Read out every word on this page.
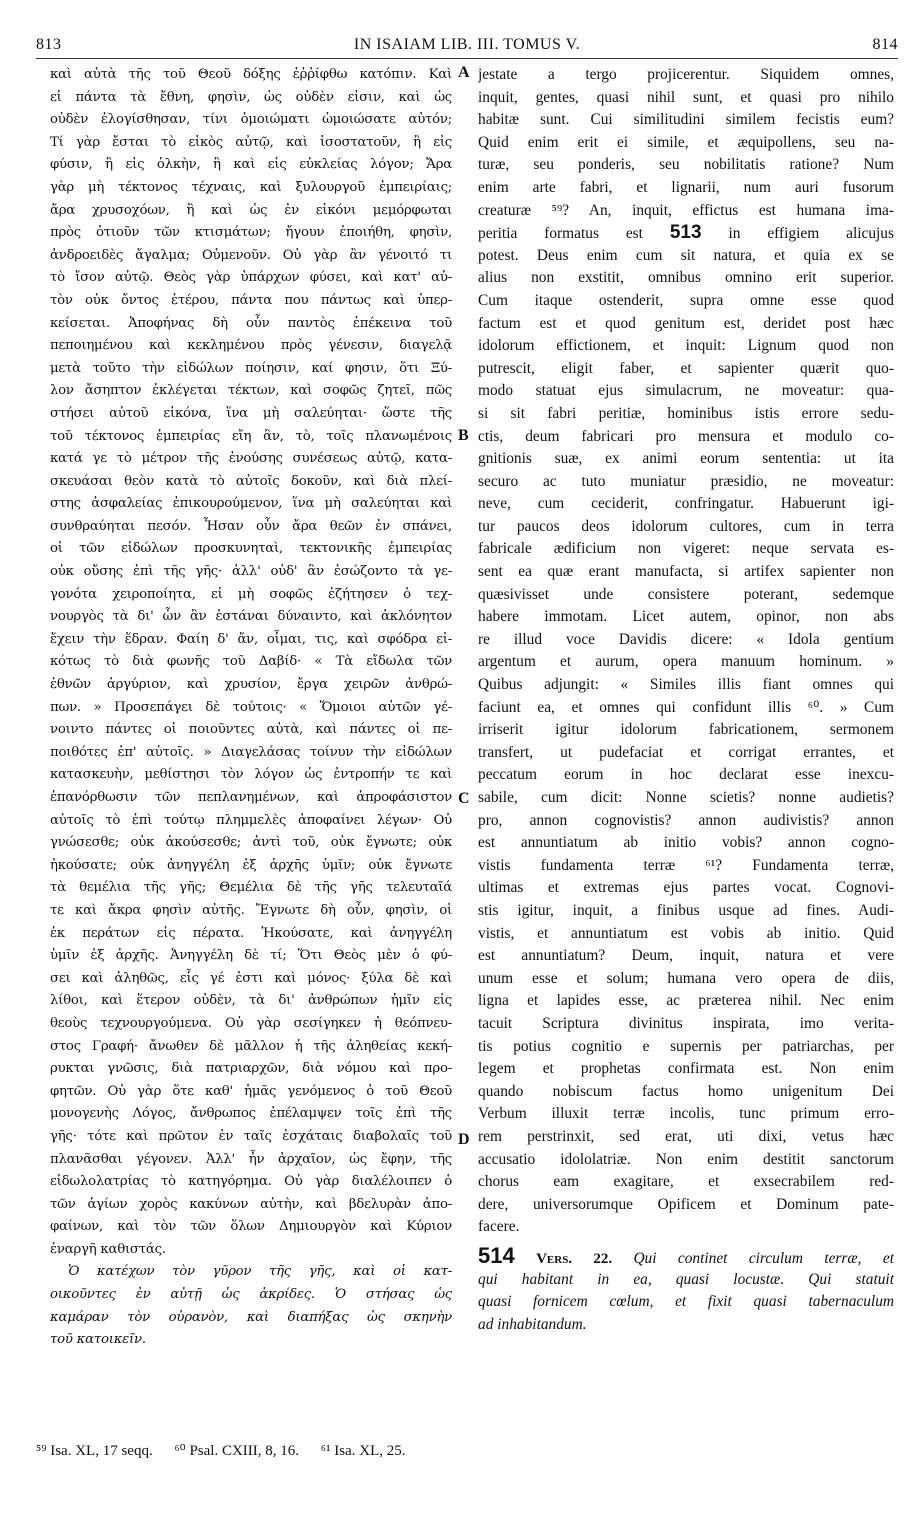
813	IN ISAIAM LIB. III. TOMUS V.	814
A
B
C
D
καὶ αὐτὰ τῆς τοῦ Θεοῦ δόξης ἐῤῥίφθω κατόπιν. Καὶ
εἰ πάντα τὰ ἔθνη, φησὶν, ὡς οὐδὲν εἰσιν, καὶ ὡς
οὐδὲν ἐλογίσθησαν, τίνι ὁμοιώματι ὡμοιώσατε αὐτόν;
Τί γὰρ ἔσται τὸ εἰκὸς αὐτῷ, καὶ ἰσοστατοῦν, ἢ εἰς
φύσιν, ἢ εἰς ὁλκὴν, ἢ καὶ εἰς εὐκλείας λόγον; Ἄρα
γὰρ μὴ τέκτονος τέχναις, καὶ ξυλουργοῦ ἐμπειρίαις;
ἄρα χρυσοχόων, ἢ καὶ ὡς ἐν εἰκόνι μεμόρφωται
πρὸς ὁτιοῦν τῶν κτισμάτων; ἤγουν ἐποιήθη, φησὶν,
ἀνδροειδὲς ἄγαλμα; Οὐμενοῦν. Οὐ γὰρ ἂν γένοιτό τι
τὸ ἴσον αὐτῷ. Θεὸς γὰρ ὑπάρχων φύσει, καὶ κατ' αὐ-
τὸν οὐκ ὄντος ἑτέρου, πάντα που πάντως καὶ ὑπερ-
κείσεται. Ἀποφήνας δὴ οὖν παντὸς ἐπέκεινα τοῦ
πεποιημένου καὶ κεκλημένου πρὸς γένεσιν, διαγελᾷ
μετὰ τοῦτο τὴν εἰδώλων ποίησιν, καί φησιν, ὅτι Ξύ-
λον ἄσηπτον ἐκλέγεται τέκτων, καὶ σοφῶς ζητεῖ, πῶς
στήσει αὐτοῦ εἰκόνα, ἵνα μὴ σαλεύηται· ὥστε τῆς
τοῦ τέκτονος ἐμπειρίας εἴη ἂν, τὸ, τοῖς πλανωμένοις
κατά γε τὸ μέτρον τῆς ἐνούσης συνέσεως αὐτῷ, κατα-
σκευάσαι θεὸν κατὰ τὸ αὐτοῖς δοκοῦν, καὶ διὰ πλεί-
στης ἀσφαλείας ἐπικουρούμενον, ἵνα μὴ σαλεύηται καὶ
συνθραύηται πεσόν. Ἦσαν οὖν ἄρα θεῶν ἐν σπάνει,
οἱ τῶν εἰδώλων προσκυνηταὶ, τεκτονικῆς ἐμπειρίας
οὐκ οὔσης ἐπὶ τῆς γῆς· ἀλλ' οὐδ' ἂν ἐσώζοντο τὰ γε-
γονότα χειροποίητα, εἰ μὴ σοφῶς ἐζήτησεν ὁ τεχ-
νουργὸς τὰ δι' ὧν ἂν ἑστάναι δύναιντο, καὶ ἀκλόνητον
ἔχειν τὴν ἕδραν. Φαίη δ' ἄν, οἶμαι, τις, καὶ σφόδρα εἰ-
κότως τὸ διὰ φωνῆς τοῦ Δαβίδ· « Τὰ εἴδωλα τῶν
ἐθνῶν ἀργύριον, καὶ χρυσίον, ἔργα χειρῶν ἀνθρώ-
πων. » Προσεπάγει δὲ τούτοις· « Ὅμοιοι αὐτῶν γέ-
νοιντο πάντες οἱ ποιοῦντες αὐτὰ, καὶ πάντες οἱ πε-
ποιθότες ἐπ' αὐτοῖς. » Διαγελάσας τοίνυν τὴν εἰδώλων
κατασκευὴν, μεθίστησι τὸν λόγον ὡς ἐντροπήν τε καὶ
ἐπανόρθωσιν τῶν πεπλανημένων, καὶ ἀπροφάσιστον
αὐτοῖς τὸ ἐπὶ τούτῳ πλημμελὲς ἀποφαίνει λέγων· Οὐ
γνώσεσθε; οὐκ ἀκούσεσθε; ἀντὶ τοῦ, οὐκ ἔγνωτε; οὐκ
ἠκούσατε; οὐκ ἀνηγγέλη ἐξ ἀρχῆς ὑμῖν; οὐκ ἔγνωτε
τὰ θεμέλια τῆς γῆς; Θεμέλια δὲ τῆς γῆς τελευταῖά
τε καὶ ἄκρα φησὶν αὐτῆς. Ἔγνωτε δὴ οὖν, φησὶν, οἱ
ἐκ περάτων εἰς πέρατα. Ἠκούσατε, καὶ ἀνηγγέλη
ὑμῖν ἐξ ἀρχῆς. Ἀνηγγέλη δὲ τί; Ὅτι Θεὸς μὲν ὁ φύ-
σει καὶ ἀληθῶς, εἷς γέ ἐστι καὶ μόνος· ξύλα δὲ καὶ
λίθοι, καὶ ἕτερον οὐδὲν, τὰ δι' ἀνθρώπων ἡμῖν εἰς
θεοὺς τεχνουργούμενα. Οὐ γὰρ σεσίγηκεν ἡ θεόπνευ-
στος Γραφή· ἄνωθεν δὲ μᾶλλον ἡ τῆς ἀληθείας κεκή-
ρυκται γνῶσις, διὰ πατριαρχῶν, διὰ νόμου καὶ προ-
φητῶν. Οὐ γὰρ ὅτε καθ' ἡμᾶς γενόμενος ὁ τοῦ Θεοῦ
μονογενὴς Λόγος, ἄνθρωπος ἐπέλαμψεν τοῖς ἐπὶ τῆς
γῆς· τότε καὶ πρῶτον ἐν ταῖς ἐσχάταις διαβολαῖς τοῦ
πλανᾶσθαι γέγονεν. Ἀλλ' ἦν ἀρχαῖον, ὡς ἔφην, τῆς
εἰδωλολατρίας τὸ κατηγόρημα. Οὐ γὰρ διαλέλοιπεν ὁ
τῶν ἁγίων χορὸς κακύνων αὐτὴν, καὶ βδελυρὰν ἀπο-
φαίνων, καὶ τὸν τῶν ὅλων Δημιουργὸν καὶ Κύριον
ἐναργῆ καθιστάς.
Ὁ κατέχων τὸν γῦρον τῆς γῆς, καὶ οἱ κατ-
οικοῦντες ἐν αὐτῇ ὡς ἀκρίδες. Ὁ στήσας ὡς
καμάραν τὸν οὐρανὸν, καὶ διαπήξας ὡς σκηνὴν
τοῦ κατοικεῖν.
jestate a tergo projicerentur. Siquidem omnes,
inquit, gentes, quasi nihil sunt, et quasi pro nihilo
habitæ sunt. Cui similitudini similem fecistis eum?
Quid enim erit ei simile, et æquipollens, seu na-
turæ, seu ponderis, seu nobilitatis ratione? Num
enim arte fabri, et lignarii, num auri fusorum
creaturæ ⁵⁹? An, inquit, effictus est humana ima-
peritia formatus est 513 in effigiem alicujus
potest. Deus enim cum sit natura, et quia ex se
alius non exstitit, omnibus omnino erit superior.
Cum itaque ostenderit, supra omne esse quod
factum est et quod genitum est, deridet post hæc
idolorum effictionem, et inquit: Lignum quod non
putrescit, eligit faber, et sapienter quærit quo-
modo statuat ejus simulacrum, ne moveatur: qua-
si sit fabri peritiæ, hominibus istis errore sedu-
ctis, deum fabricari pro mensura et modulo co-
gnitionis suæ, ex animi eorum sententia: ut ita
securo ac tuto muniatur præsidio, ne moveatur:
neve, cum ceciderit, confringatur. Habuerunt igi-
tur paucos deos idolorum cultores, cum in terra
fabricale ædificium non vigeret: neque servata es-
sent ea quæ erant manufacta, si artifex sapienter non
quæsivisset unde consistere poterant, sedemque
habere immotam. Licet autem, opinor, non abs
re illud voce Davidis dicere: « Idola gentium
argentum et aurum, opera manuum hominum. »
Quibus adjungit: « Similes illis fiant omnes qui
faciunt ea, et omnes qui confidunt illis ⁶⁰. » Cum
irriserit igitur idolorum fabricationem, sermonem
transfert, ut pudefaciat et corrigat errantes, et
peccatum eorum in hoc declarat esse inexcu-
sabile, cum dicit: Nonne scietis? nonne audietis?
pro, annon cognovistis? annon audivistis? annon
est annuntiatum ab initio vobis? annon cogno-
vistis fundamenta terræ ⁶¹? Fundamenta terræ,
ultimas et extremas ejus partes vocat. Cognovi-
stis igitur, inquit, a finibus usque ad fines. Audi-
vistis, et annuntiatum est vobis ab initio. Quid
est annuntiatum? Deum, inquit, natura et vere
unum esse et solum; humana vero opera de diis,
ligna et lapides esse, ac præterea nihil. Nec enim
tacuit Scriptura divinitus inspirata, imo verita-
tis potius cognitio e supernis per patriarchas, per
legem et prophetas confirmata est. Non enim
quando nobiscum factus homo unigenitum Dei
Verbum illuxit terræ incolis, tunc primum erro-
rem perstrinxit, sed erat, uti dixi, vetus hæc
accusatio idololatriæ. Non enim destitit sanctorum
chorus eam exagitare, et exsecrabilem red-
dere, universorumque Opificem et Dominum pate-
facere.
514 Vers. 22. Qui continet circulum terræ, et
qui habitant in ea, quasi locustæ. Qui statuit
quasi fornicem cœlum, et fixit quasi tabernaculum
ad inhabitandum.
⁵⁹ Isa. XL, 17 seqq. ⁶⁰ Psal. CXIII, 8, 16. ⁶¹ Isa. XL, 25.
